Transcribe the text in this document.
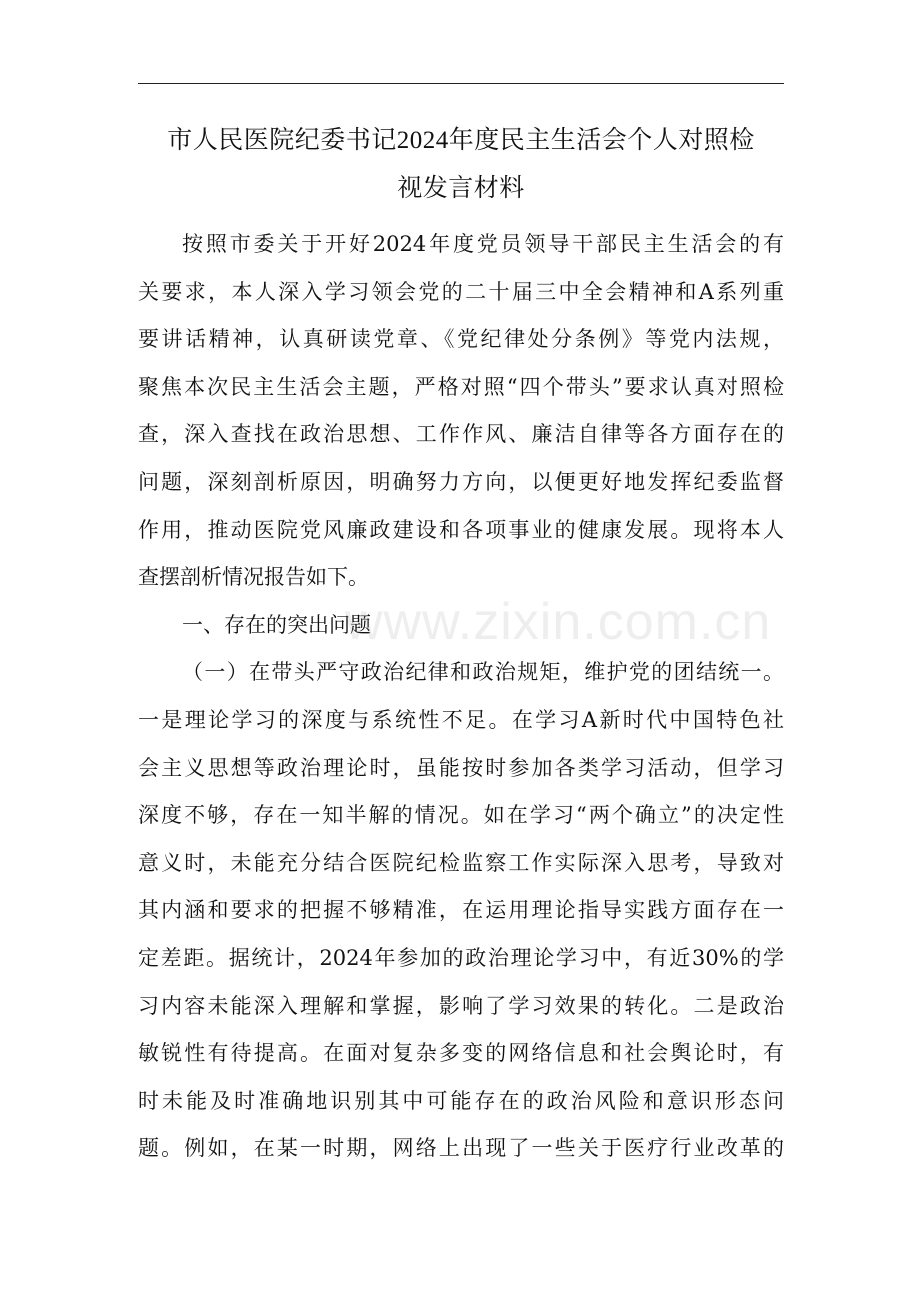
市人民医院纪委书记2024年度民主生活会个人对照检
视发言材料
按照市委关于开好2024年度党员领导干部民主生活会的有
关要求，本人深入学习领会党的二十届三中全会精神和A系列重
要讲话精神，认真研读党章、《党纪律处分条例》等党内法规，
聚焦本次民主生活会主题，严格对照“四个带头”要求认真对照检
查，深入查找在政治思想、工作作风、廉洁自律等各方面存在的
问题，深刻剖析原因，明确努力方向，以便更好地发挥纪委监督
作用，推动医院党风廉政建设和各项事业的健康发展。现将本人
查摆剖析情况报告如下。
一、存在的突出问题
（一）在带头严守政治纪律和政治规矩，维护党的团结统一。
一是理论学习的深度与系统性不足。在学习A新时代中国特色社
会主义思想等政治理论时，虽能按时参加各类学习活动，但学习
深度不够，存在一知半解的情况。如在学习“两个确立”的决定性
意义时，未能充分结合医院纪检监察工作实际深入思考，导致对
其内涵和要求的把握不够精准，在运用理论指导实践方面存在一
定差距。据统计，2024年参加的政治理论学习中，有近30%的学
习内容未能深入理解和掌握，影响了学习效果的转化。二是政治
敏锐性有待提高。在面对复杂多变的网络信息和社会舆论时，有
时未能及时准确地识别其中可能存在的政治风险和意识形态问
题。例如，在某一时期，网络上出现了一些关于医疗行业改革的
www.zixin.com.cn
